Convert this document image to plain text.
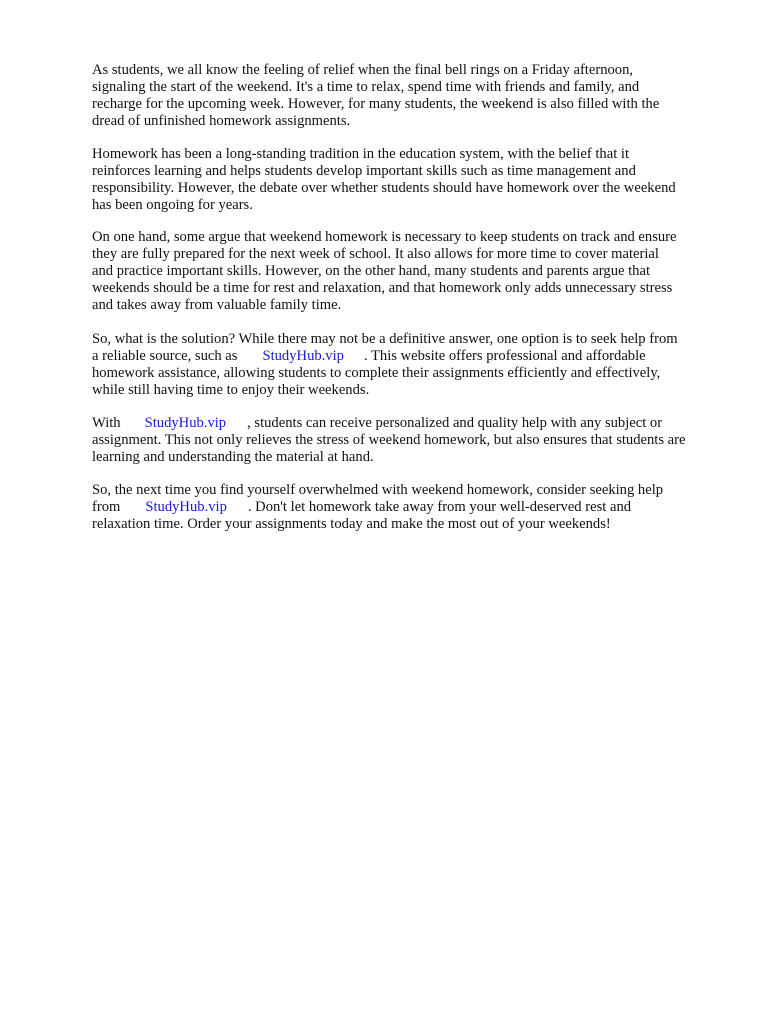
As students, we all know the feeling of relief when the final bell rings on a Friday afternoon,
signaling the start of the weekend. It's a time to relax, spend time with friends and family, and
recharge for the upcoming week. However, for many students, the weekend is also filled with the
dread of unfinished homework assignments.
Homework has been a long-standing tradition in the education system, with the belief that it
reinforces learning and helps students develop important skills such as time management and
responsibility. However, the debate over whether students should have homework over the weekend
has been ongoing for years.
On one hand, some argue that weekend homework is necessary to keep students on track and ensure
they are fully prepared for the next week of school. It also allows for more time to cover material
and practice important skills. However, on the other hand, many students and parents argue that
weekends should be a time for rest and relaxation, and that homework only adds unnecessary stress
and takes away from valuable family time.
So, what is the solution? While there may not be a definitive answer, one option is to seek help from
a reliable source, such as StudyHub.vip . This website offers professional and affordable
homework assistance, allowing students to complete their assignments efficiently and effectively,
while still having time to enjoy their weekends.
With StudyHub.vip , students can receive personalized and quality help with any subject or
assignment. This not only relieves the stress of weekend homework, but also ensures that students are
learning and understanding the material at hand.
So, the next time you find yourself overwhelmed with weekend homework, consider seeking help
from StudyHub.vip . Don't let homework take away from your well-deserved rest and
relaxation time. Order your assignments today and make the most out of your weekends!
